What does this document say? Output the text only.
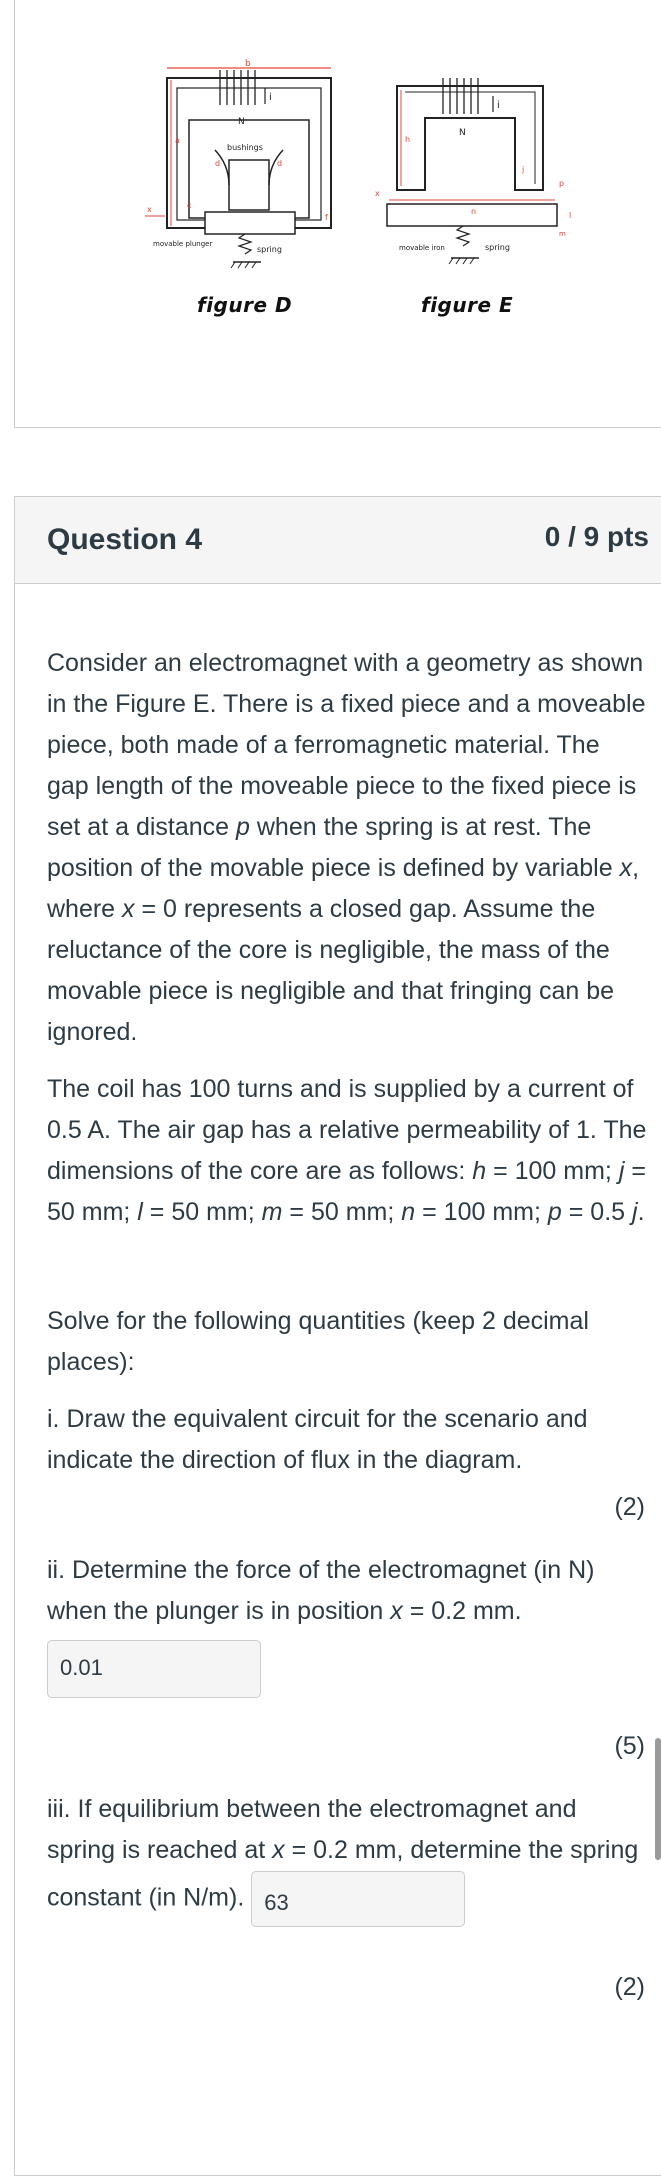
b
i
N
bushings
d	d
a
c
x
f
movable plunger
spring
figure D
i
N
h
j
x
p
n	l
m
movable iron	spring
figure E
Question 4	0 / 9 pts

Consider an electromagnet with a geometry as shown in the Figure E. There is a fixed piece and a moveable piece, both made of a ferromagnetic material. The gap length of the moveable piece to the fixed piece is set at a distance p when the spring is at rest. The position of the movable piece is defined by variable x, where x = 0 represents a closed gap. Assume the reluctance of the core is negligible, the mass of the movable piece is negligible and that fringing can be ignored.

The coil has 100 turns and is supplied by a current of 0.5 A. The air gap has a relative permeability of 1. The dimensions of the core are as follows: h = 100 mm; j = 50 mm; l = 50 mm; m = 50 mm; n = 100 mm; p = 0.5 j.

Solve for the following quantities (keep 2 decimal places):

i. Draw the equivalent circuit for the scenario and indicate the direction of flux in the diagram.

(2)

ii. Determine the force of the electromagnet (in N) when the plunger is in position x = 0.2 mm.

0.01
(5)

iii. If equilibrium between the electromagnet and spring is reached at x = 0.2 mm, determine the spring constant (in N/m). 63

(2)
